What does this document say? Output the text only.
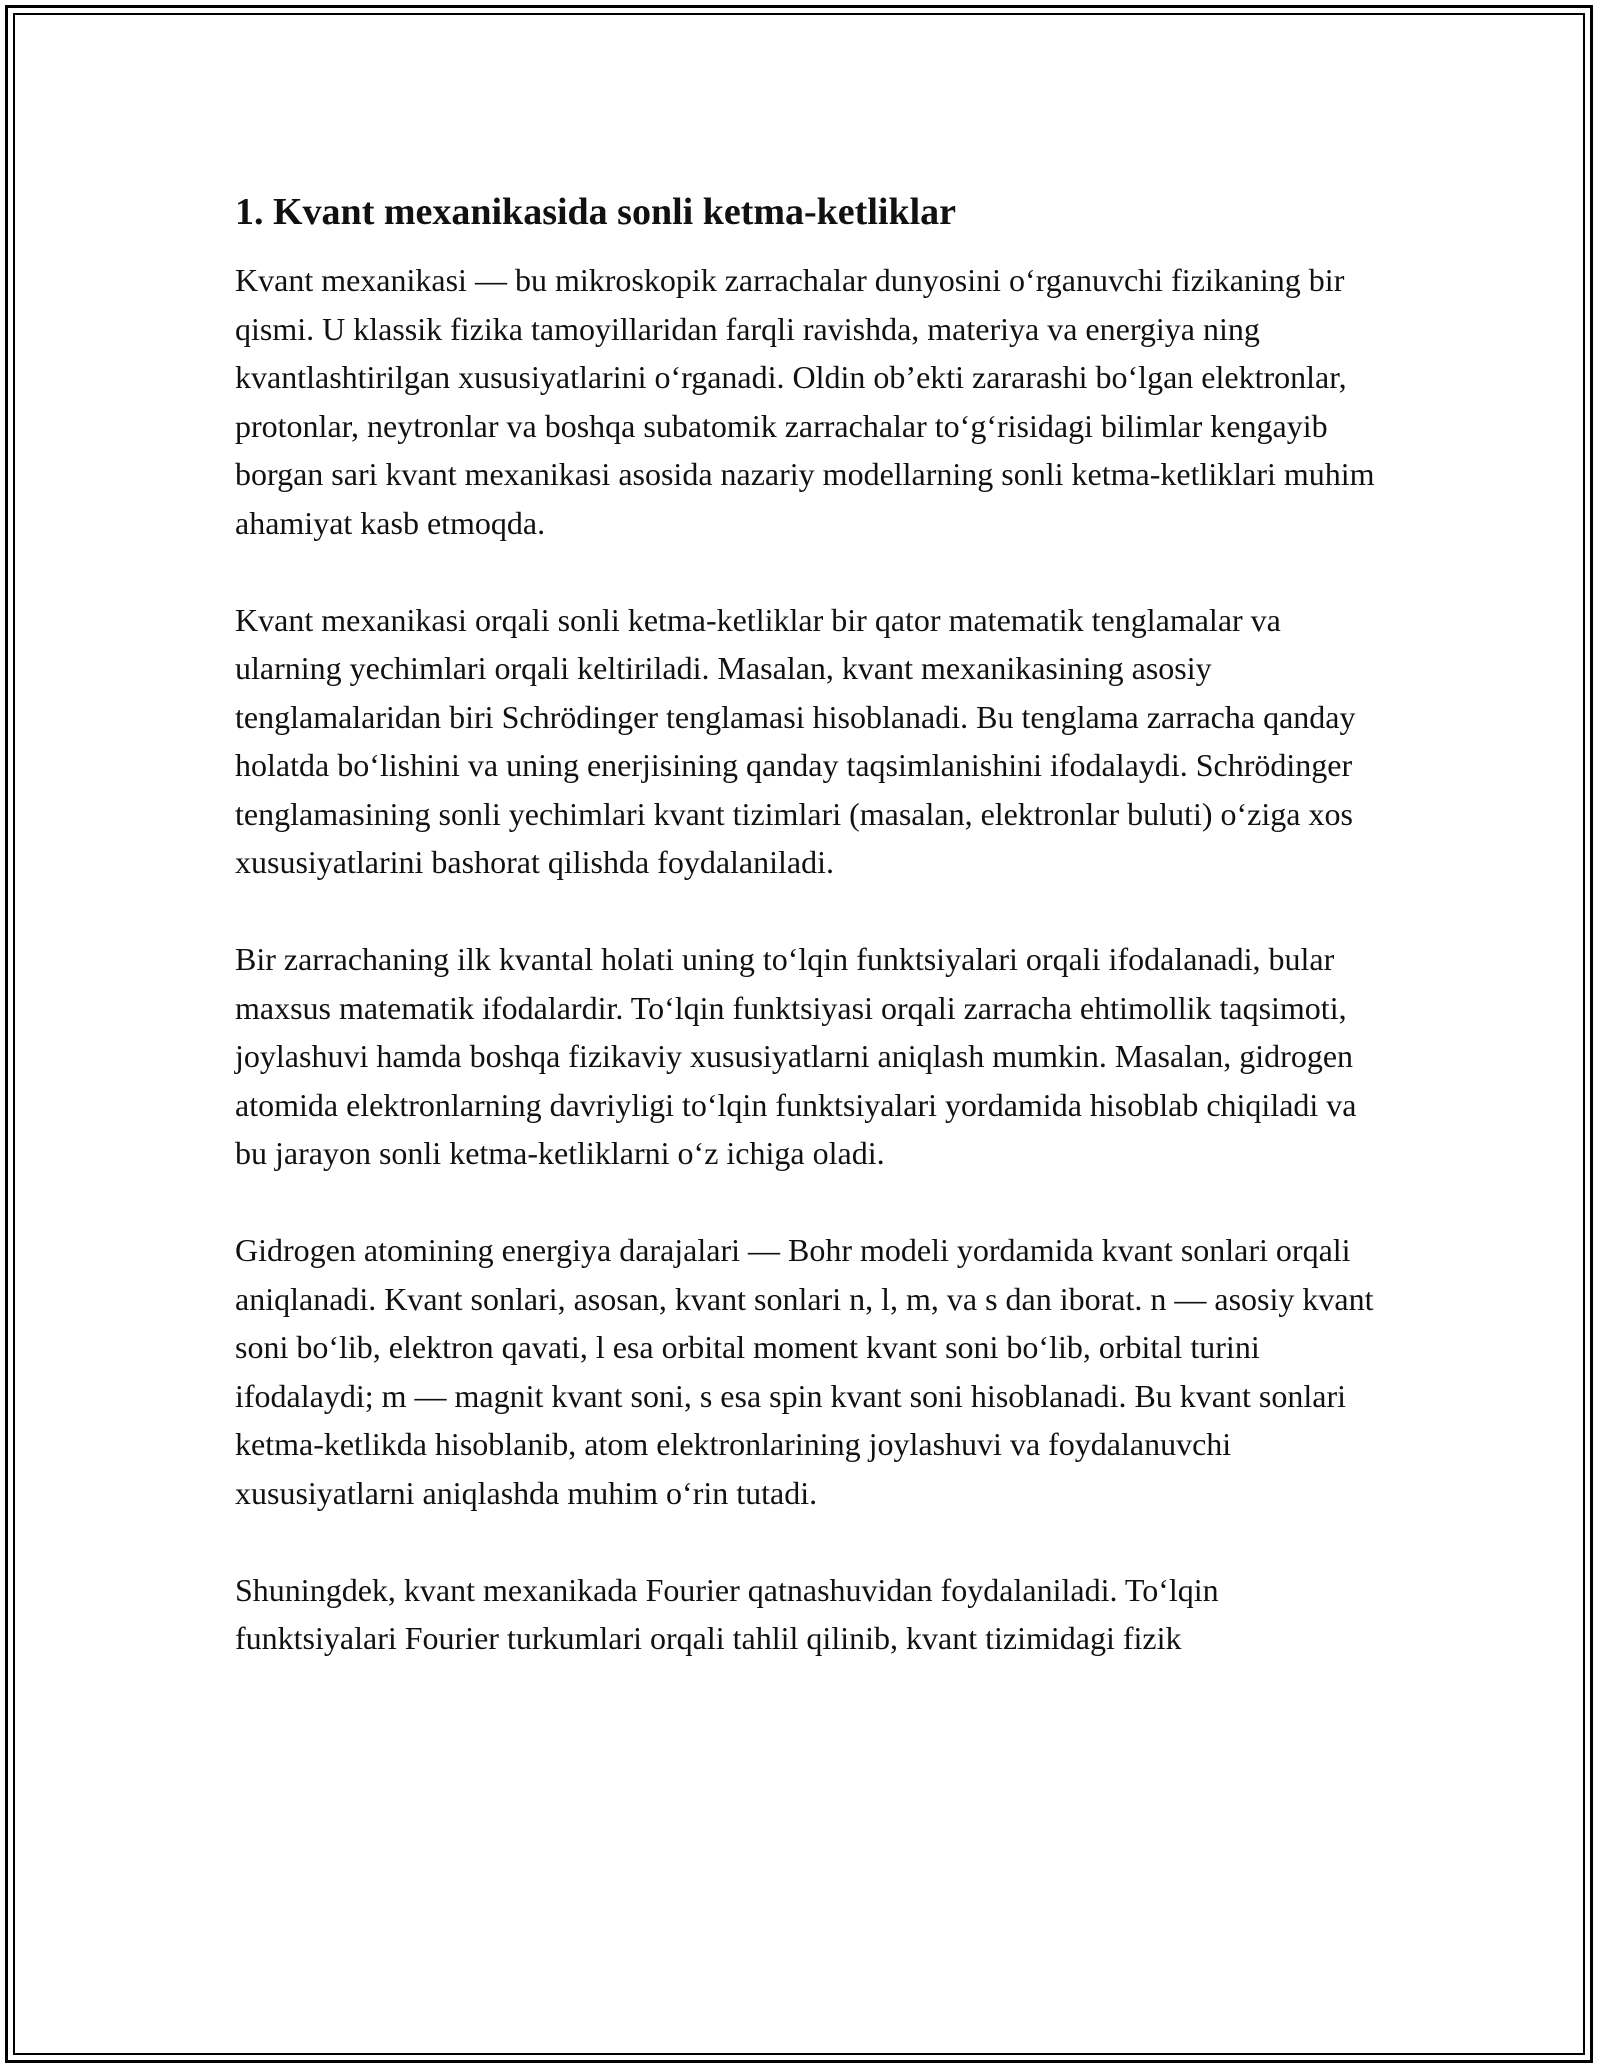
1. Kvant mexanikasida sonli ketma-ketliklar

Kvant mexanikasi — bu mikroskopik zarrachalar dunyosini oʻrganuvchi fizikaning bir qismi. U klassik fizika tamoyillaridan farqli ravishda, materiya va energiya ning kvantlashtirilgan xususiyatlarini oʻrganadi. Oldin obʼekti zararashi boʻlgan elektronlar, protonlar, neytronlar va boshqa subatomik zarrachalar toʻgʻrisidagi bilimlar kengayib borgan sari kvant mexanikasi asosida nazariy modellarning sonli ketma-ketliklari muhim ahamiyat kasb etmoqda.

Kvant mexanikasi orqali sonli ketma-ketliklar bir qator matematik tenglamalar va ularning yechimlari orqali keltiriladi. Masalan, kvant mexanikasining asosiy tenglamalaridan biri Schrödinger tenglamasi hisoblanadi. Bu tenglama zarracha qanday holatda boʻlishini va uning enerjisining qanday taqsimlanishini ifodalaydi. Schrödinger tenglamasining sonli yechimlari kvant tizimlari (masalan, elektronlar buluti) oʻziga xos xususiyatlarini bashorat qilishda foydalaniladi.

Bir zarrachaning ilk kvantal holati uning toʻlqin funktsiyalari orqali ifodalanadi, bular maxsus matematik ifodalardir. Toʻlqin funktsiyasi orqali zarracha ehtimollik taqsimoti, joylashuvi hamda boshqa fizikaviy xususiyatlarni aniqlash mumkin. Masalan, gidrogen atomida elektronlarning davriyligi toʻlqin funktsiyalari yordamida hisoblab chiqiladi va bu jarayon sonli ketma-ketliklarni oʻz ichiga oladi.

Gidrogen atomining energiya darajalari — Bohr modeli yordamida kvant sonlari orqali aniqlanadi. Kvant sonlari, asosan, kvant sonlari n, l, m, va s dan iborat. n — asosiy kvant soni boʻlib, elektron qavati, l esa orbital moment kvant soni boʻlib, orbital turini ifodalaydi; m — magnit kvant soni, s esa spin kvant soni hisoblanadi. Bu kvant sonlari ketma-ketlikda hisoblanib, atom elektronlarining joylashuvi va foydalanuvchi xususiyatlarni aniqlashda muhim oʻrin tutadi.

Shuningdek, kvant mexanikada Fourier qatnashuvidan foydalaniladi. Toʻlqin funktsiyalari Fourier turkumlari orqali tahlil qilinib, kvant tizimidagi fizik
